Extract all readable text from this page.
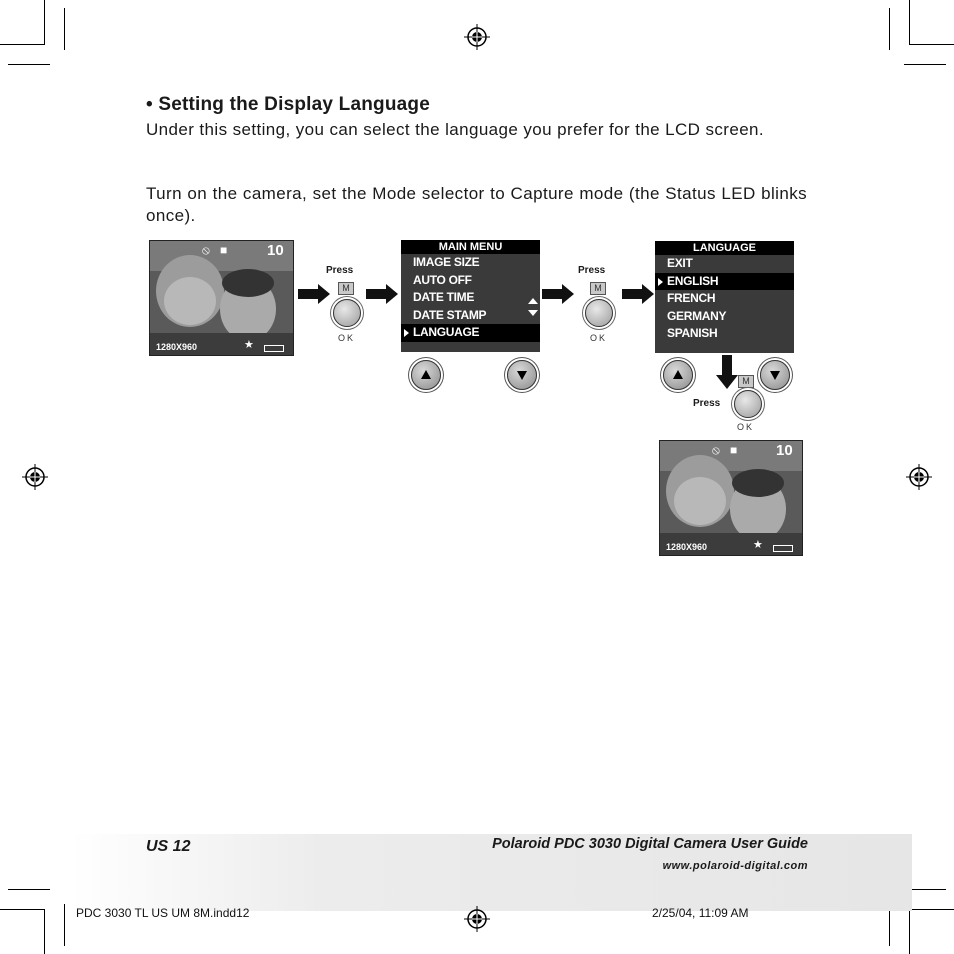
• Setting the Display Language
Under this setting, you can select the language you prefer for the LCD screen.
Turn on the camera, set the Mode selector to Capture mode (the Status LED blinks once).
⦸ ■	10
1280X960	★
Press
M
OK
MAIN MENU
IMAGE SIZE
AUTO OFF
DATE TIME
DATE STAMP
LANGUAGE
Press
M
OK
LANGUAGE
EXIT
ENGLISH
FRENCH
GERMANY
SPANISH
M
Press
OK
⦸ ■	10
1280X960	★
US 12	Polaroid PDC 3030 Digital Camera User Guide
www.polaroid-digital.com
PDC 3030 TL US UM 8M.indd12	2/25/04, 11:09 AM
